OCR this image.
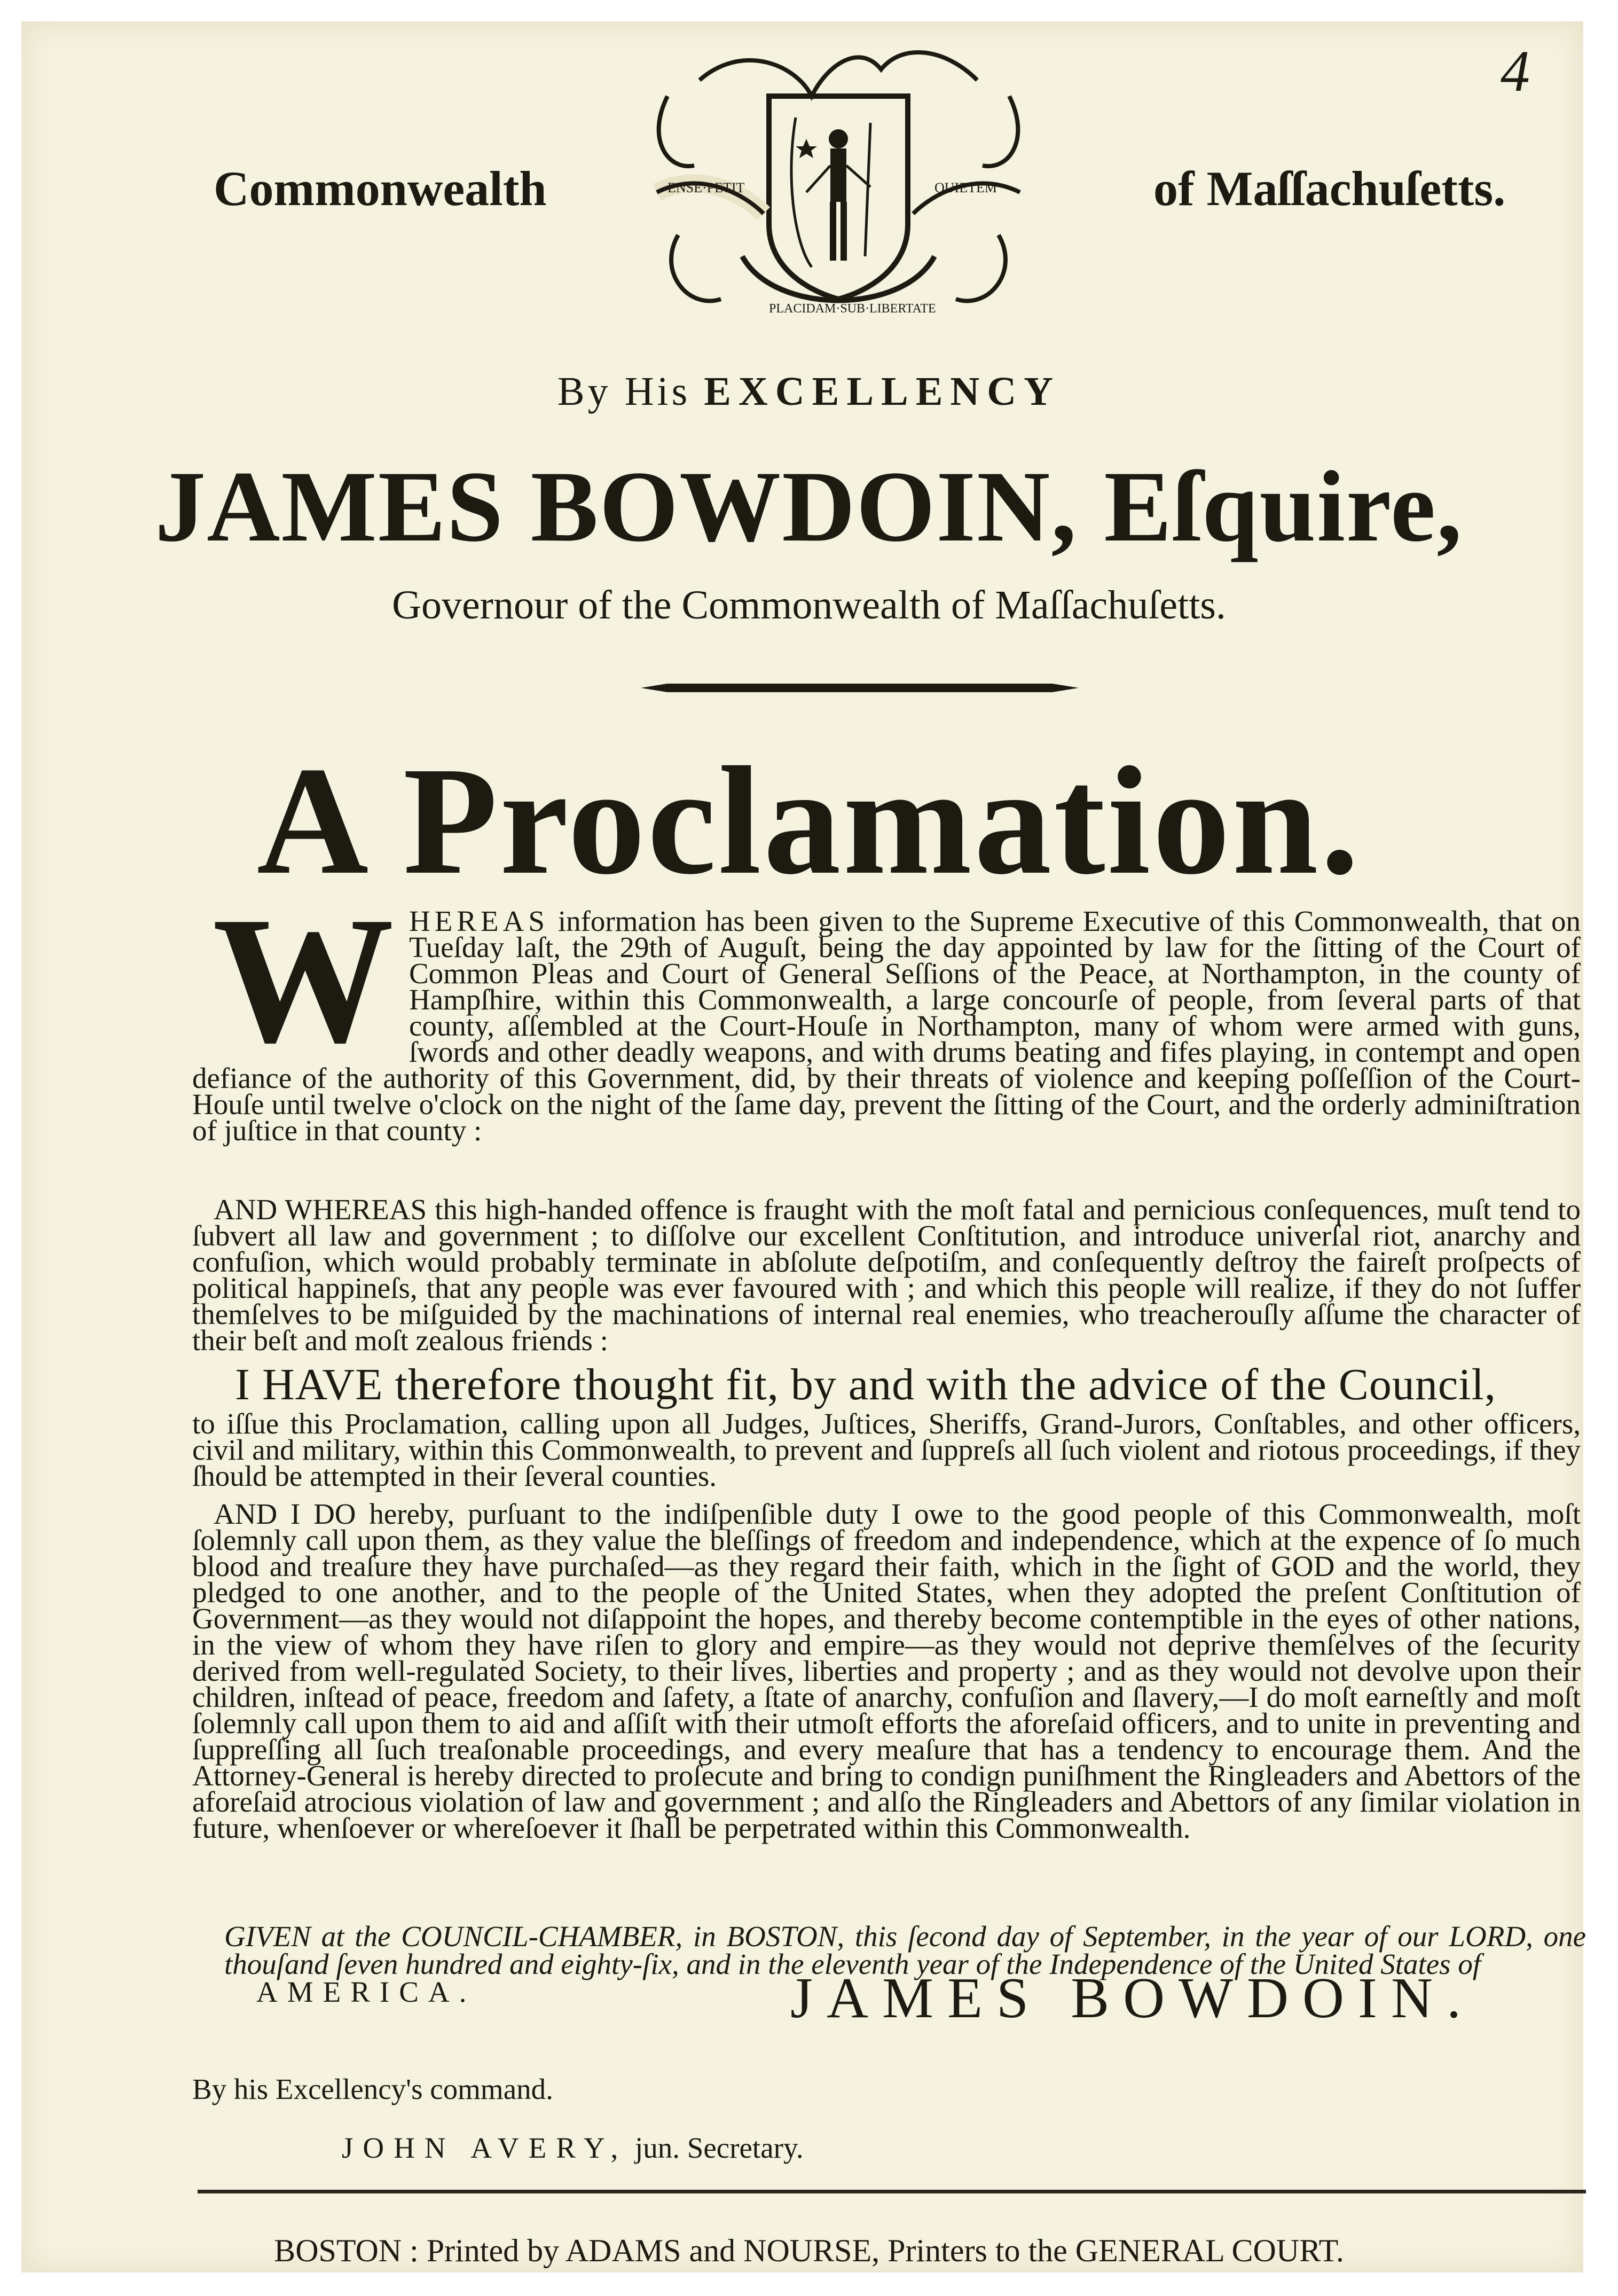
4
Commonwealth	ENSE·PETIT	QUIETEM
PLACIDAM·SUB·LIBERTATE
of Maſſachuſetts.
By His EXCELLENCY
JAMES BOWDOIN, Eſquire,
Governour of the Commonwealth of Maſſachuſetts.
A Proclamation.
W HEREAS information has been given to the Supreme Executive of this Commonwealth, that on Tueſday laſt, the 29th of Auguſt, being the day appointed by law for the ſitting of the Court of Common Pleas and Court of General Seſſions of the Peace, at Northampton, in the county of Hampſhire, within this Commonwealth, a large concourſe of people, from ſeveral parts of that county, aſſembled at the Court-Houſe in Northampton, many of whom were armed with guns, ſwords and other deadly weapons, and with drums beating and fifes playing, in contempt and open defiance of the authority of this Government, did, by their threats of violence and keeping poſſeſſion of the Court-Houſe until twelve o'clock on the night of the ſame day, prevent the ſitting of the Court, and the orderly adminiſtration of juſtice in that county :
AND WHEREAS this high-handed offence is fraught with the moſt fatal and pernicious conſequences, muſt tend to ſubvert all law and government ; to diſſolve our excellent Conſtitution, and introduce univerſal riot, anarchy and confuſion, which would probably terminate in abſolute deſpotiſm, and conſequently deſtroy the faireſt proſpects of political happineſs, that any people was ever favoured with ; and which this people will realize, if they do not ſuffer themſelves to be miſguided by the machinations of internal real enemies, who treacherouſly aſſume the character of their beſt and moſt zealous friends :
I HAVE therefore thought fit, by and with the advice of the Council,
to iſſue this Proclamation, calling upon all Judges, Juſtices, Sheriffs, Grand-Jurors, Conſtables, and other officers, civil and military, within this Commonwealth, to prevent and ſuppreſs all ſuch violent and riotous proceedings, if they ſhould be attempted in their ſeveral counties.
AND I DO hereby, purſuant to the indiſpenſible duty I owe to the good people of this Commonwealth, moſt ſolemnly call upon them, as they value the bleſſings of freedom and independence, which at the expence of ſo much blood and treaſure they have purchaſed—as they regard their faith, which in the ſight of GOD and the world, they pledged to one another, and to the people of the United States, when they adopted the preſent Conſtitution of Government—as they would not diſappoint the hopes, and thereby become contemptible in the eyes of other nations, in the view of whom they have riſen to glory and empire—as they would not deprive themſelves of the ſecurity derived from well-regulated Society, to their lives, liberties and property ; and as they would not devolve upon their children, inſtead of peace, freedom and ſafety, a ſtate of anarchy, confuſion and ſlavery,—I do moſt earneſtly and moſt ſolemnly call upon them to aid and aſſiſt with their utmoſt efforts the aforeſaid officers, and to unite in preventing and ſuppreſſing all ſuch treaſonable proceedings, and every meaſure that has a tendency to encourage them. And the Attorney-General is hereby directed to proſecute and bring to condign puniſhment the Ringleaders and Abettors of the aforeſaid atrocious violation of law and government ; and alſo the Ringleaders and Abettors of any ſimilar violation in future, whenſoever or whereſoever it ſhall be perpetrated within this Commonwealth.
GIVEN at the COUNCIL-CHAMBER, in BOSTON, this ſecond day of September, in the year of our LORD, one thouſand ſeven hundred and eighty-ſix, and in the eleventh year of the Independence of the United States of
AMERICA.	JAMES BOWDOIN.
By his Excellency's command.
JOHN AVERY, jun. Secretary.
BOSTON : Printed by ADAMS and NOURSE, Printers to the GENERAL COURT.
